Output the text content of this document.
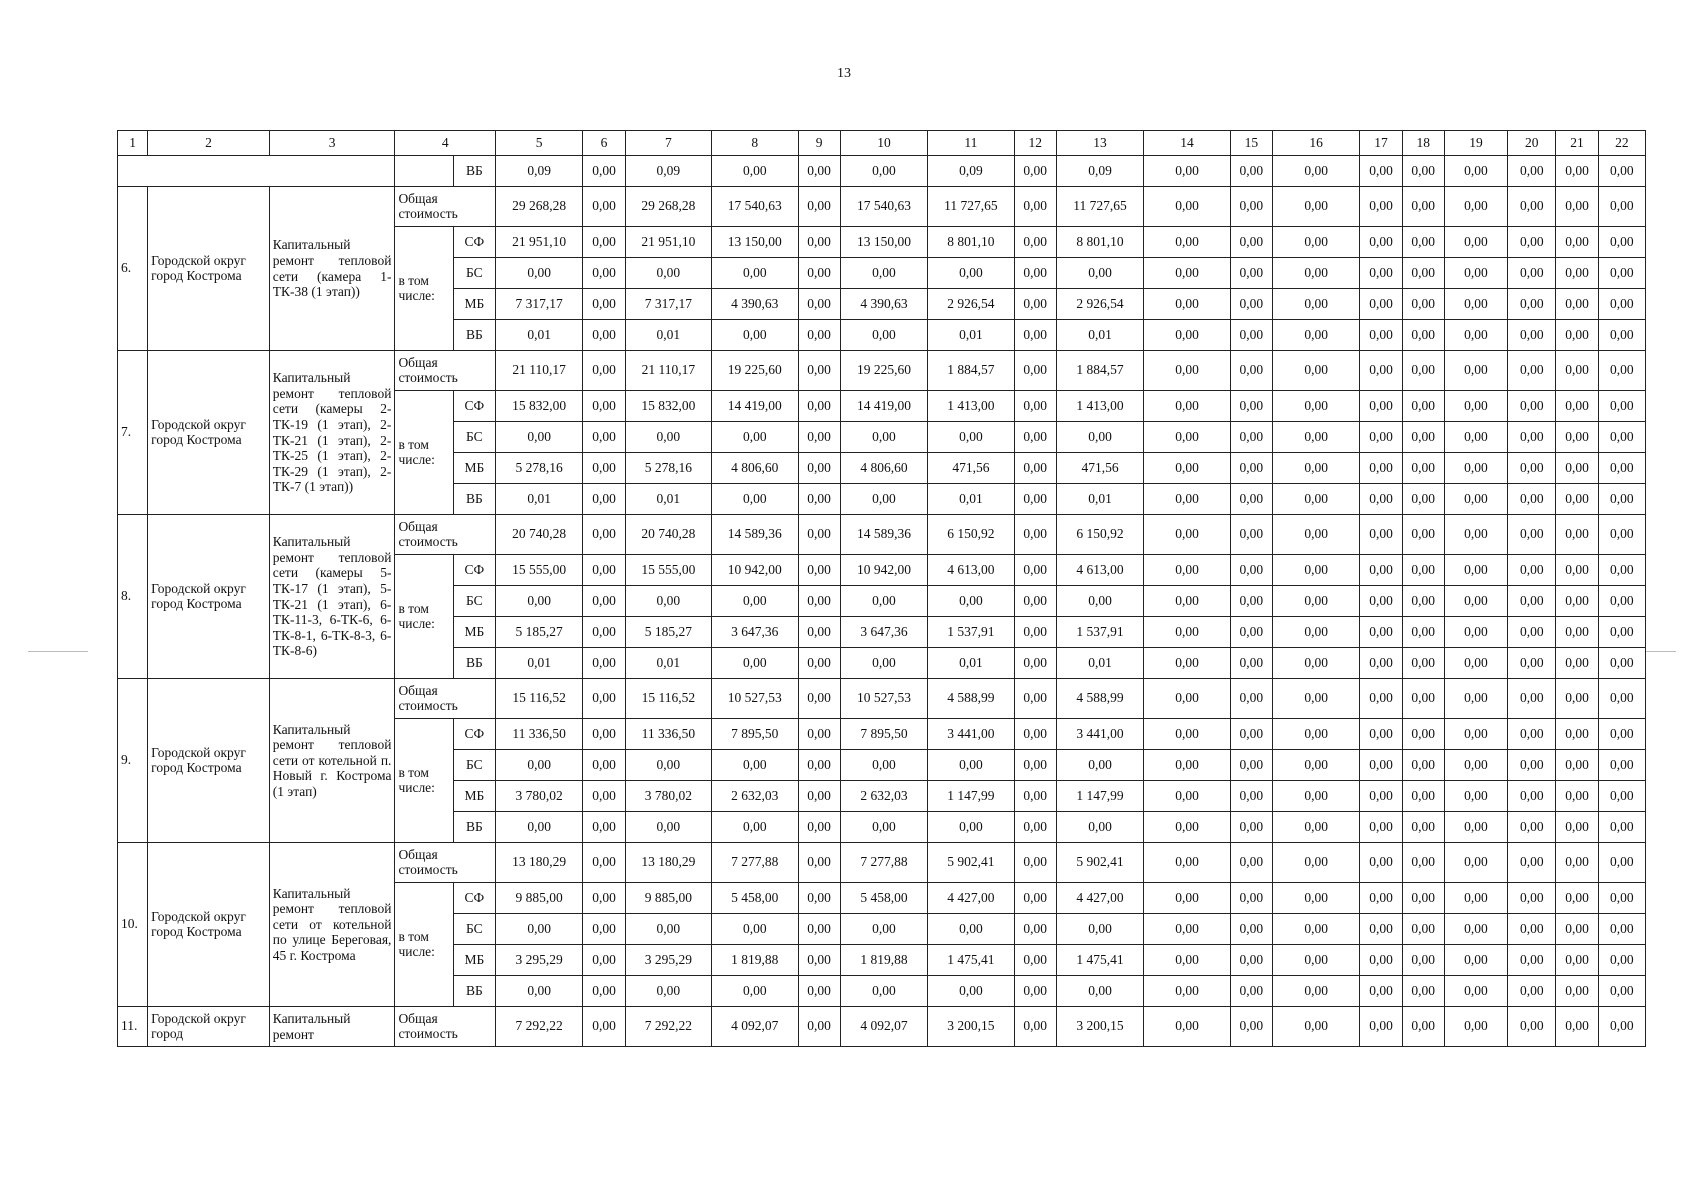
13
1	2	3	4		5	6	7	8	9	10	11	12	13	14	15	16	17	18	19	20	21	22
				ВБ	0,09	0,00	0,09	0,00	0,00	0,00	0,09	0,00	0,09	0,00	0,00	0,00	0,00	0,00	0,00	0,00	0,00	0,00
6.	Городской округ город Кострома	Капитальный ремонт тепловой сети (камера 1-ТК-38 (1 этап))	Общая стоимость		29 268,28	0,00	29 268,28	17 540,63	0,00	17 540,63	11 727,65	0,00	11 727,65	0,00	0,00	0,00	0,00	0,00	0,00	0,00	0,00	0,00
			в том числе:	СФ	21 951,10	0,00	21 951,10	13 150,00	0,00	13 150,00	8 801,10	0,00	8 801,10	0,00	0,00	0,00	0,00	0,00	0,00	0,00	0,00	0,00
				БС	0,00	0,00	0,00	0,00	0,00	0,00	0,00	0,00	0,00	0,00	0,00	0,00	0,00	0,00	0,00	0,00	0,00	0,00
				МБ	7 317,17	0,00	7 317,17	4 390,63	0,00	4 390,63	2 926,54	0,00	2 926,54	0,00	0,00	0,00	0,00	0,00	0,00	0,00	0,00	0,00
				ВБ	0,01	0,00	0,01	0,00	0,00	0,00	0,01	0,00	0,01	0,00	0,00	0,00	0,00	0,00	0,00	0,00	0,00	0,00
7.	Городской округ город Кострома	Капитальный ремонт тепловой сети (камеры 2-ТК-19 (1 этап), 2-ТК-21 (1 этап), 2-ТК-25 (1 этап), 2-ТК-29 (1 этап), 2-ТК-7 (1 этап))	Общая стоимость		21 110,17	0,00	21 110,17	19 225,60	0,00	19 225,60	1 884,57	0,00	1 884,57	0,00	0,00	0,00	0,00	0,00	0,00	0,00	0,00	0,00
			в том числе:	СФ	15 832,00	0,00	15 832,00	14 419,00	0,00	14 419,00	1 413,00	0,00	1 413,00	0,00	0,00	0,00	0,00	0,00	0,00	0,00	0,00	0,00
				БС	0,00	0,00	0,00	0,00	0,00	0,00	0,00	0,00	0,00	0,00	0,00	0,00	0,00	0,00	0,00	0,00	0,00	0,00
				МБ	5 278,16	0,00	5 278,16	4 806,60	0,00	4 806,60	471,56	0,00	471,56	0,00	0,00	0,00	0,00	0,00	0,00	0,00	0,00	0,00
				ВБ	0,01	0,00	0,01	0,00	0,00	0,00	0,01	0,00	0,01	0,00	0,00	0,00	0,00	0,00	0,00	0,00	0,00	0,00
8.	Городской округ город Кострома	Капитальный ремонт тепловой сети (камеры 5-ТК-17 (1 этап), 5-ТК-21 (1 этап), 6-ТК-11-3, 6-ТК-6, 6-ТК-8-1, 6-ТК-8-3, 6-ТК-8-6)	Общая стоимость		20 740,28	0,00	20 740,28	14 589,36	0,00	14 589,36	6 150,92	0,00	6 150,92	0,00	0,00	0,00	0,00	0,00	0,00	0,00	0,00	0,00
			в том числе:	СФ	15 555,00	0,00	15 555,00	10 942,00	0,00	10 942,00	4 613,00	0,00	4 613,00	0,00	0,00	0,00	0,00	0,00	0,00	0,00	0,00	0,00
				БС	0,00	0,00	0,00	0,00	0,00	0,00	0,00	0,00	0,00	0,00	0,00	0,00	0,00	0,00	0,00	0,00	0,00	0,00
				МБ	5 185,27	0,00	5 185,27	3 647,36	0,00	3 647,36	1 537,91	0,00	1 537,91	0,00	0,00	0,00	0,00	0,00	0,00	0,00	0,00	0,00
				ВБ	0,01	0,00	0,01	0,00	0,00	0,00	0,01	0,00	0,01	0,00	0,00	0,00	0,00	0,00	0,00	0,00	0,00	0,00
9.	Городской округ город Кострома	Капитальный ремонт тепловой сети от котельной п. Новый г. Кострома (1 этап)	Общая стоимость		15 116,52	0,00	15 116,52	10 527,53	0,00	10 527,53	4 588,99	0,00	4 588,99	0,00	0,00	0,00	0,00	0,00	0,00	0,00	0,00	0,00
			в том числе:	СФ	11 336,50	0,00	11 336,50	7 895,50	0,00	7 895,50	3 441,00	0,00	3 441,00	0,00	0,00	0,00	0,00	0,00	0,00	0,00	0,00	0,00
				БС	0,00	0,00	0,00	0,00	0,00	0,00	0,00	0,00	0,00	0,00	0,00	0,00	0,00	0,00	0,00	0,00	0,00	0,00
				МБ	3 780,02	0,00	3 780,02	2 632,03	0,00	2 632,03	1 147,99	0,00	1 147,99	0,00	0,00	0,00	0,00	0,00	0,00	0,00	0,00	0,00
				ВБ	0,00	0,00	0,00	0,00	0,00	0,00	0,00	0,00	0,00	0,00	0,00	0,00	0,00	0,00	0,00	0,00	0,00	0,00
10.	Городской округ город Кострома	Капитальный ремонт тепловой сети от котельной по улице Береговая, 45 г. Кострома	Общая стоимость		13 180,29	0,00	13 180,29	7 277,88	0,00	7 277,88	5 902,41	0,00	5 902,41	0,00	0,00	0,00	0,00	0,00	0,00	0,00	0,00	0,00
			в том числе:	СФ	9 885,00	0,00	9 885,00	5 458,00	0,00	5 458,00	4 427,00	0,00	4 427,00	0,00	0,00	0,00	0,00	0,00	0,00	0,00	0,00	0,00
				БС	0,00	0,00	0,00	0,00	0,00	0,00	0,00	0,00	0,00	0,00	0,00	0,00	0,00	0,00	0,00	0,00	0,00	0,00
				МБ	3 295,29	0,00	3 295,29	1 819,88	0,00	1 819,88	1 475,41	0,00	1 475,41	0,00	0,00	0,00	0,00	0,00	0,00	0,00	0,00	0,00
				ВБ	0,00	0,00	0,00	0,00	0,00	0,00	0,00	0,00	0,00	0,00	0,00	0,00	0,00	0,00	0,00	0,00	0,00	0,00
11.	Городской округ город	Капитальный ремонт	Общая стоимость		7 292,22	0,00	7 292,22	4 092,07	0,00	4 092,07	3 200,15	0,00	3 200,15	0,00	0,00	0,00	0,00	0,00	0,00	0,00	0,00	0,00
